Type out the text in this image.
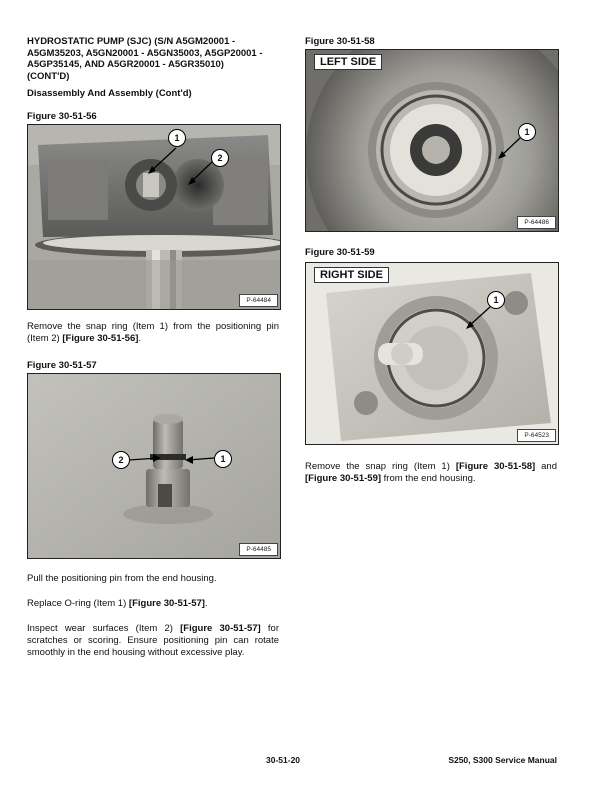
HYDROSTATIC PUMP (SJC) (S/N A5GM20001 -
A5GM35203, A5GN20001 - A5GN35003, A5GP20001 -
A5GP35145, AND A5GR20001 - A5GR35010)
(CONT'D)
Disassembly And Assembly (Cont'd)
Figure 30-51-56
1
2
P-64484
Remove the snap ring (Item 1) from the positioning pin (Item 2) [Figure 30-51-56].
Figure 30-51-57
2	1
P-64485
Pull the positioning pin from the end housing.
Replace O-ring (Item 1) [Figure 30-51-57].
Inspect wear surfaces (Item 2) [Figure 30-51-57] for scratches or scoring. Ensure positioning pin can rotate smoothly in the end housing without excessive play.
Figure 30-51-58
LEFT SIDE
1
P-64486
Figure 30-51-59
RIGHT SIDE
1
P-64523
Remove the snap ring (Item 1) [Figure 30-51-58] and [Figure 30-51-59] from the end housing.
30-51-20	S250, S300 Service Manual
